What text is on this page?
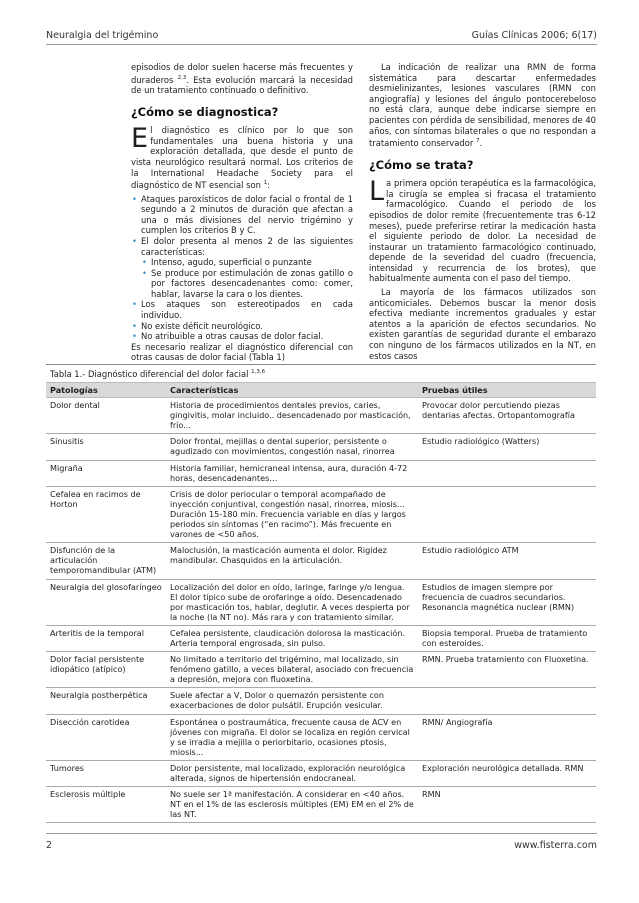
Neuralgia del trigémino	Guías Clínicas 2006; 6(17)

episodios de dolor suelen hacerse más frecuentes y duraderos $^{2,3}$. Esta evolución marcará la necesidad de un tratamiento continuado o definitivo.

¿Cómo se diagnostica?

El diagnóstico es clínico por lo que son fundamentales una buena historia y una exploración detallada, que desde el punto de vista neurológico resultará normal. Los criterios de la International Headache Society para el diagnóstico de NT esencial son $^1$:

• Ataques paroxísticos de dolor facial o frontal de 1 segundo a 2 minutos de duración que afectan a una o más divisiones del nervio trigémino y cumplen los criterios B y C.
• El dolor presenta al menos 2 de las siguientes características:
• Intenso, agudo, superficial o punzante
• Se produce por estimulación de zonas gatillo o por factores desencadenantes como: comer, hablar, lavarse la cara o los dientes.
• Los ataques son estereotipados en cada individuo.
• No existe déficit neurológico.
• No atribuible a otras causas de dolor facial.

Es necesario realizar el diagnóstico diferencial con otras causas de dolor facial (Tabla 1)

La indicación de realizar una RMN de forma sistemática para descartar enfermedades desmielinizantes, lesiones vasculares (RMN con angiografía) y lesiones del ángulo pontocerebeloso no está clara, aunque debe indicarse siempre en pacientes con pérdida de sensibilidad, menores de 40 años, con síntomas bilaterales o que no respondan a tratamiento conservador $^7$.

¿Cómo se trata?

La primera opción terapéutica es la farmacológica, la cirugía se emplea si fracasa el tratamiento farmacológico. Cuando el periodo de los episodios de dolor remite (frecuentemente tras 6-12 meses), puede preferirse retirar la medicación hasta el siguiente periodo de dolor. La necesidad de instaurar un tratamiento farmacológico continuado, depende de la severidad del cuadro (frecuencia, intensidad y recurrencia de los brotes), que habitualmente aumenta con el paso del tiempo.

La mayoría de los fármacos utilizados son anticomiciales. Debemos buscar la menor dosis efectiva mediante incrementos graduales y estar atentos a la aparición de efectos secundarios. No existen garantías de seguridad durante el embarazo con ninguno de los fármacos utilizados en la NT, en estos casos

Tabla 1.- Diagnóstico diferencial del dolor facial $^{1,3,6}$
Patologías	Características	Pruebas útiles
Dolor dental	Historia de procedimientos dentales previos, caries, gingivitis, molar incluido.. desencadenado por masticación, frío...	Provocar dolor percutiendo piezas dentarias afectas. Ortopantomografía
Sinusitis	Dolor frontal, mejillas o dental superior, persistente o agudizado con movimientos, congestión nasal, rinorrea	Estudio radiológico (Watters)
Migraña	Historia familiar, hemicraneal intensa, aura, duración 4-72 horas, desencadenantes…	
Cefalea en racimos de Horton	Crisis de dolor periocular o temporal acompañado de inyección conjuntival, congestión nasal, rinorrea, miosis... Duración 15-180 min. Frecuencia variable en días y largos periodos sin síntomas (“en racimo”). Más frecuente en varones de <50 años.	
Disfunción de la articulación temporomandibular (ATM)	Maloclusión, la masticación aumenta el dolor. Rigidez mandibular. Chasquidos en la articulación.	Estudio radiológico ATM
Neuralgia del glosofaríngeo	Localización del dolor en oído, laringe, faringe y/o lengua. El dolor típico sube de orofaringe a oído. Desencadenado por masticación tos, hablar, deglutir. A veces despierta por la noche (la NT no). Más rara y con tratamiento similar.	Estudios de imagen siempre por frecuencia de cuadros secundarios. Resonancia magnética nuclear (RMN)
Arteritis de la temporal	Cefalea persistente, claudicación dolorosa la masticación. Arteria temporal engrosada, sin pulso.	Biopsia temporal. Prueba de tratamiento con esteroides.
Dolor facial persistente idiopático (atípico)	No limitado a territorio del trigémino, mal localizado, sin fenómeno gatillo, a veces bilateral, asociado con frecuencia a depresión, mejora con fluoxetina.	RMN. Prueba tratamiento con Fluoxetina.
Neuralgia postherpética	Suele afectar a V, Dolor o quemazón persistente con exacerbaciones de dolor pulsátil. Erupción vesicular.	
Disección carotidea	Espontánea o postraumática, frecuente causa de ACV en jóvenes con migraña. El dolor se localiza en región cervical y se irradia a mejilla o periorbitario, ocasiones ptosis, miosis...	RMN/ Angiografía
Tumores	Dolor persistente, mal localizado, exploración neurológica alterada, signos de hipertensión endocraneal.	Exploración neurológica detallada. RMN
Esclerosis múltiple	No suele ser 1ª manifestación. A considerar en <40 años. NT en el 1% de las esclerosis múltiples (EM) EM en el 2% de las NT.	RMN
2	www.fisterra.com
